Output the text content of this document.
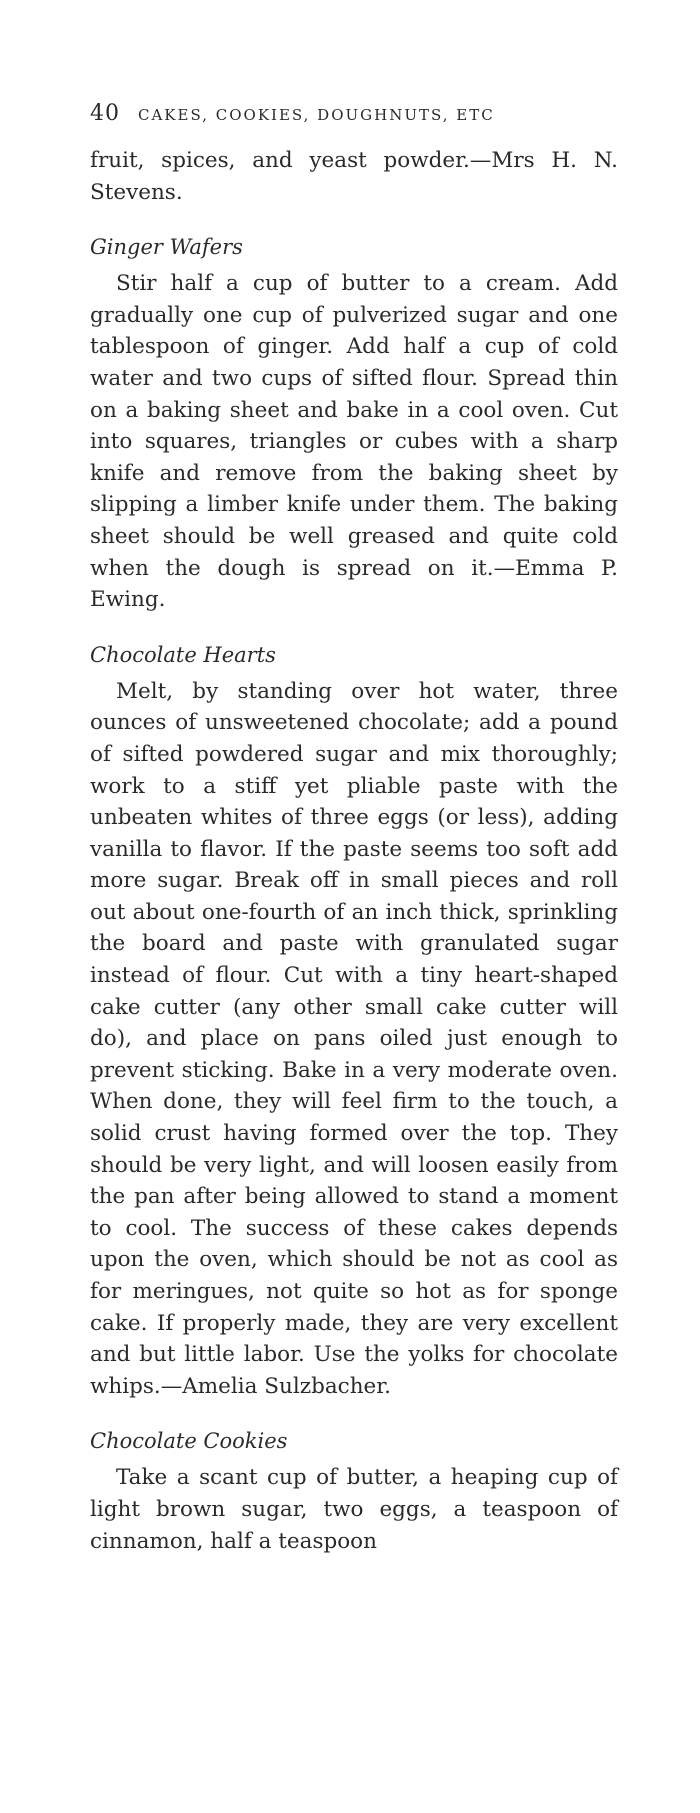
40 CAKES, COOKIES, DOUGHNUTS, ETC

fruit, spices, and yeast powder.—Mrs H. N. Stevens.

Ginger Wafers

Stir half a cup of butter to a cream. Add gradually one cup of pulverized sugar and one tablespoon of ginger. Add half a cup of cold water and two cups of sifted flour. Spread thin on a baking sheet and bake in a cool oven. Cut into squares, triangles or cubes with a sharp knife and remove from the baking sheet by slipping a limber knife under them. The baking sheet should be well greased and quite cold when the dough is spread on it.—Emma P. Ewing.

Chocolate Hearts

Melt, by standing over hot water, three ounces of unsweetened chocolate; add a pound of sifted powdered sugar and mix thoroughly; work to a stiff yet pliable paste with the unbeaten whites of three eggs (or less), adding vanilla to flavor. If the paste seems too soft add more sugar. Break off in small pieces and roll out about one-fourth of an inch thick, sprinkling the board and paste with granulated sugar instead of flour. Cut with a tiny heart-shaped cake cutter (any other small cake cutter will do), and place on pans oiled just enough to prevent sticking. Bake in a very moderate oven. When done, they will feel firm to the touch, a solid crust having formed over the top. They should be very light, and will loosen easily from the pan after being allowed to stand a moment to cool. The success of these cakes depends upon the oven, which should be not as cool as for meringues, not quite so hot as for sponge cake. If properly made, they are very excellent and but little labor. Use the yolks for chocolate whips.—Amelia Sulzbacher.

Chocolate Cookies

Take a scant cup of butter, a heaping cup of light brown sugar, two eggs, a teaspoon of cinnamon, half a teaspoon
